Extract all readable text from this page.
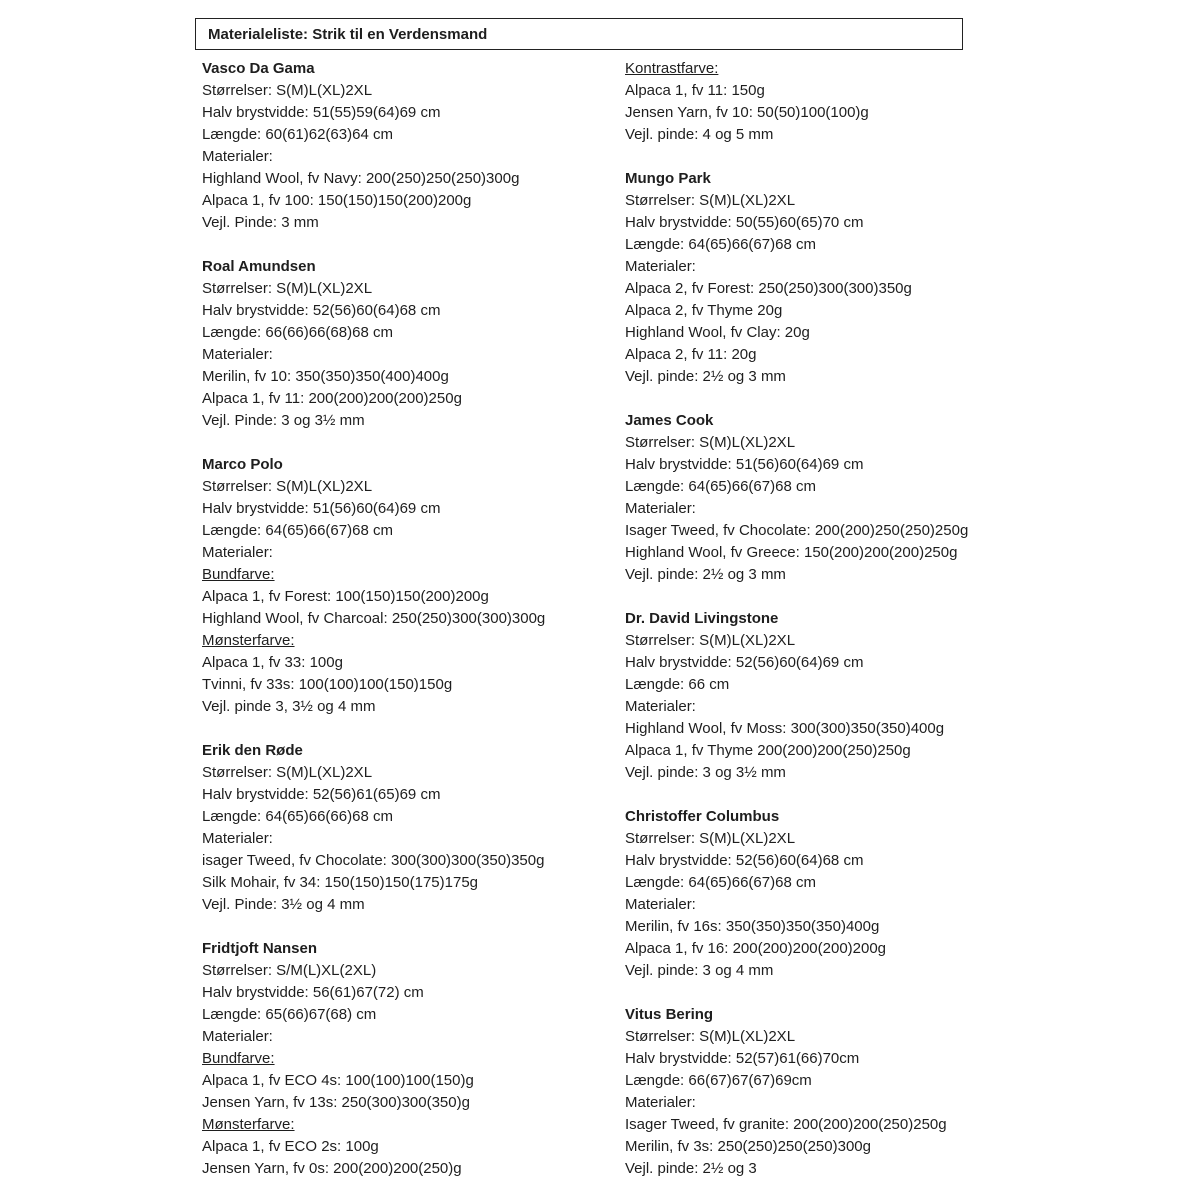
Materialeliste: Strik til en Verdensmand
Vasco Da Gama
Størrelser: S(M)L(XL)2XL
Halv brystvidde: 51(55)59(64)69 cm
Længde: 60(61)62(63)64 cm
Materialer:
Highland Wool, fv Navy: 200(250)250(250)300g
Alpaca 1, fv 100: 150(150)150(200)200g
Vejl. Pinde: 3 mm
Roal Amundsen
Størrelser: S(M)L(XL)2XL
Halv brystvidde: 52(56)60(64)68 cm
Længde: 66(66)66(68)68 cm
Materialer:
Merilin, fv 10: 350(350)350(400)400g
Alpaca 1, fv 11: 200(200)200(200)250g
Vejl. Pinde: 3 og 3½ mm
Marco Polo
Størrelser: S(M)L(XL)2XL
Halv brystvidde: 51(56)60(64)69 cm
Længde: 64(65)66(67)68 cm
Materialer:
Bundfarve:
Alpaca 1, fv Forest: 100(150)150(200)200g
Highland Wool, fv Charcoal: 250(250)300(300)300g
Mønsterfarve:
Alpaca 1, fv 33: 100g
Tvinni, fv 33s: 100(100)100(150)150g
Vejl. pinde 3, 3½ og 4 mm
Erik den Røde
Størrelser: S(M)L(XL)2XL
Halv brystvidde: 52(56)61(65)69 cm
Længde: 64(65)66(66)68 cm
Materialer:
isager Tweed, fv Chocolate: 300(300)300(350)350g
Silk Mohair, fv 34: 150(150)150(175)175g
Vejl. Pinde: 3½ og 4 mm
Fridtjoft Nansen
Størrelser: S/M(L)XL(2XL)
Halv brystvidde: 56(61)67(72) cm
Længde: 65(66)67(68) cm
Materialer:
Bundfarve:
Alpaca 1, fv ECO 4s: 100(100)100(150)g
Jensen Yarn, fv 13s: 250(300)300(350)g
Mønsterfarve:
Alpaca 1, fv ECO 2s: 100g
Jensen Yarn, fv 0s: 200(200)200(250)g
Kontrastfarve:
Alpaca 1, fv 11: 150g
Jensen Yarn, fv 10: 50(50)100(100)g
Vejl. pinde: 4 og 5 mm
Mungo Park
Størrelser: S(M)L(XL)2XL
Halv brystvidde: 50(55)60(65)70 cm
Længde: 64(65)66(67)68 cm
Materialer:
Alpaca 2, fv Forest: 250(250)300(300)350g
Alpaca 2, fv Thyme 20g
Highland Wool, fv Clay: 20g
Alpaca 2, fv 11: 20g
Vejl. pinde: 2½ og 3 mm
James Cook
Størrelser: S(M)L(XL)2XL
Halv brystvidde: 51(56)60(64)69 cm
Længde: 64(65)66(67)68 cm
Materialer:
Isager Tweed, fv Chocolate: 200(200)250(250)250g
Highland Wool, fv Greece: 150(200)200(200)250g
Vejl. pinde: 2½ og 3 mm
Dr. David Livingstone
Størrelser: S(M)L(XL)2XL
Halv brystvidde: 52(56)60(64)69 cm
Længde: 66 cm
Materialer:
Highland Wool, fv Moss: 300(300)350(350)400g
Alpaca 1, fv Thyme 200(200)200(250)250g
Vejl. pinde: 3 og 3½ mm
Christoffer Columbus
Størrelser: S(M)L(XL)2XL
Halv brystvidde: 52(56)60(64)68 cm
Længde: 64(65)66(67)68 cm
Materialer:
Merilin, fv 16s: 350(350)350(350)400g
Alpaca 1, fv 16: 200(200)200(200)200g
Vejl. pinde: 3 og 4 mm
Vitus Bering
Størrelser: S(M)L(XL)2XL
Halv brystvidde: 52(57)61(66)70cm
Længde: 66(67)67(67)69cm
Materialer:
Isager Tweed, fv granite: 200(200)200(250)250g
Merilin, fv 3s: 250(250)250(250)300g
Vejl. pinde: 2½ og 3
